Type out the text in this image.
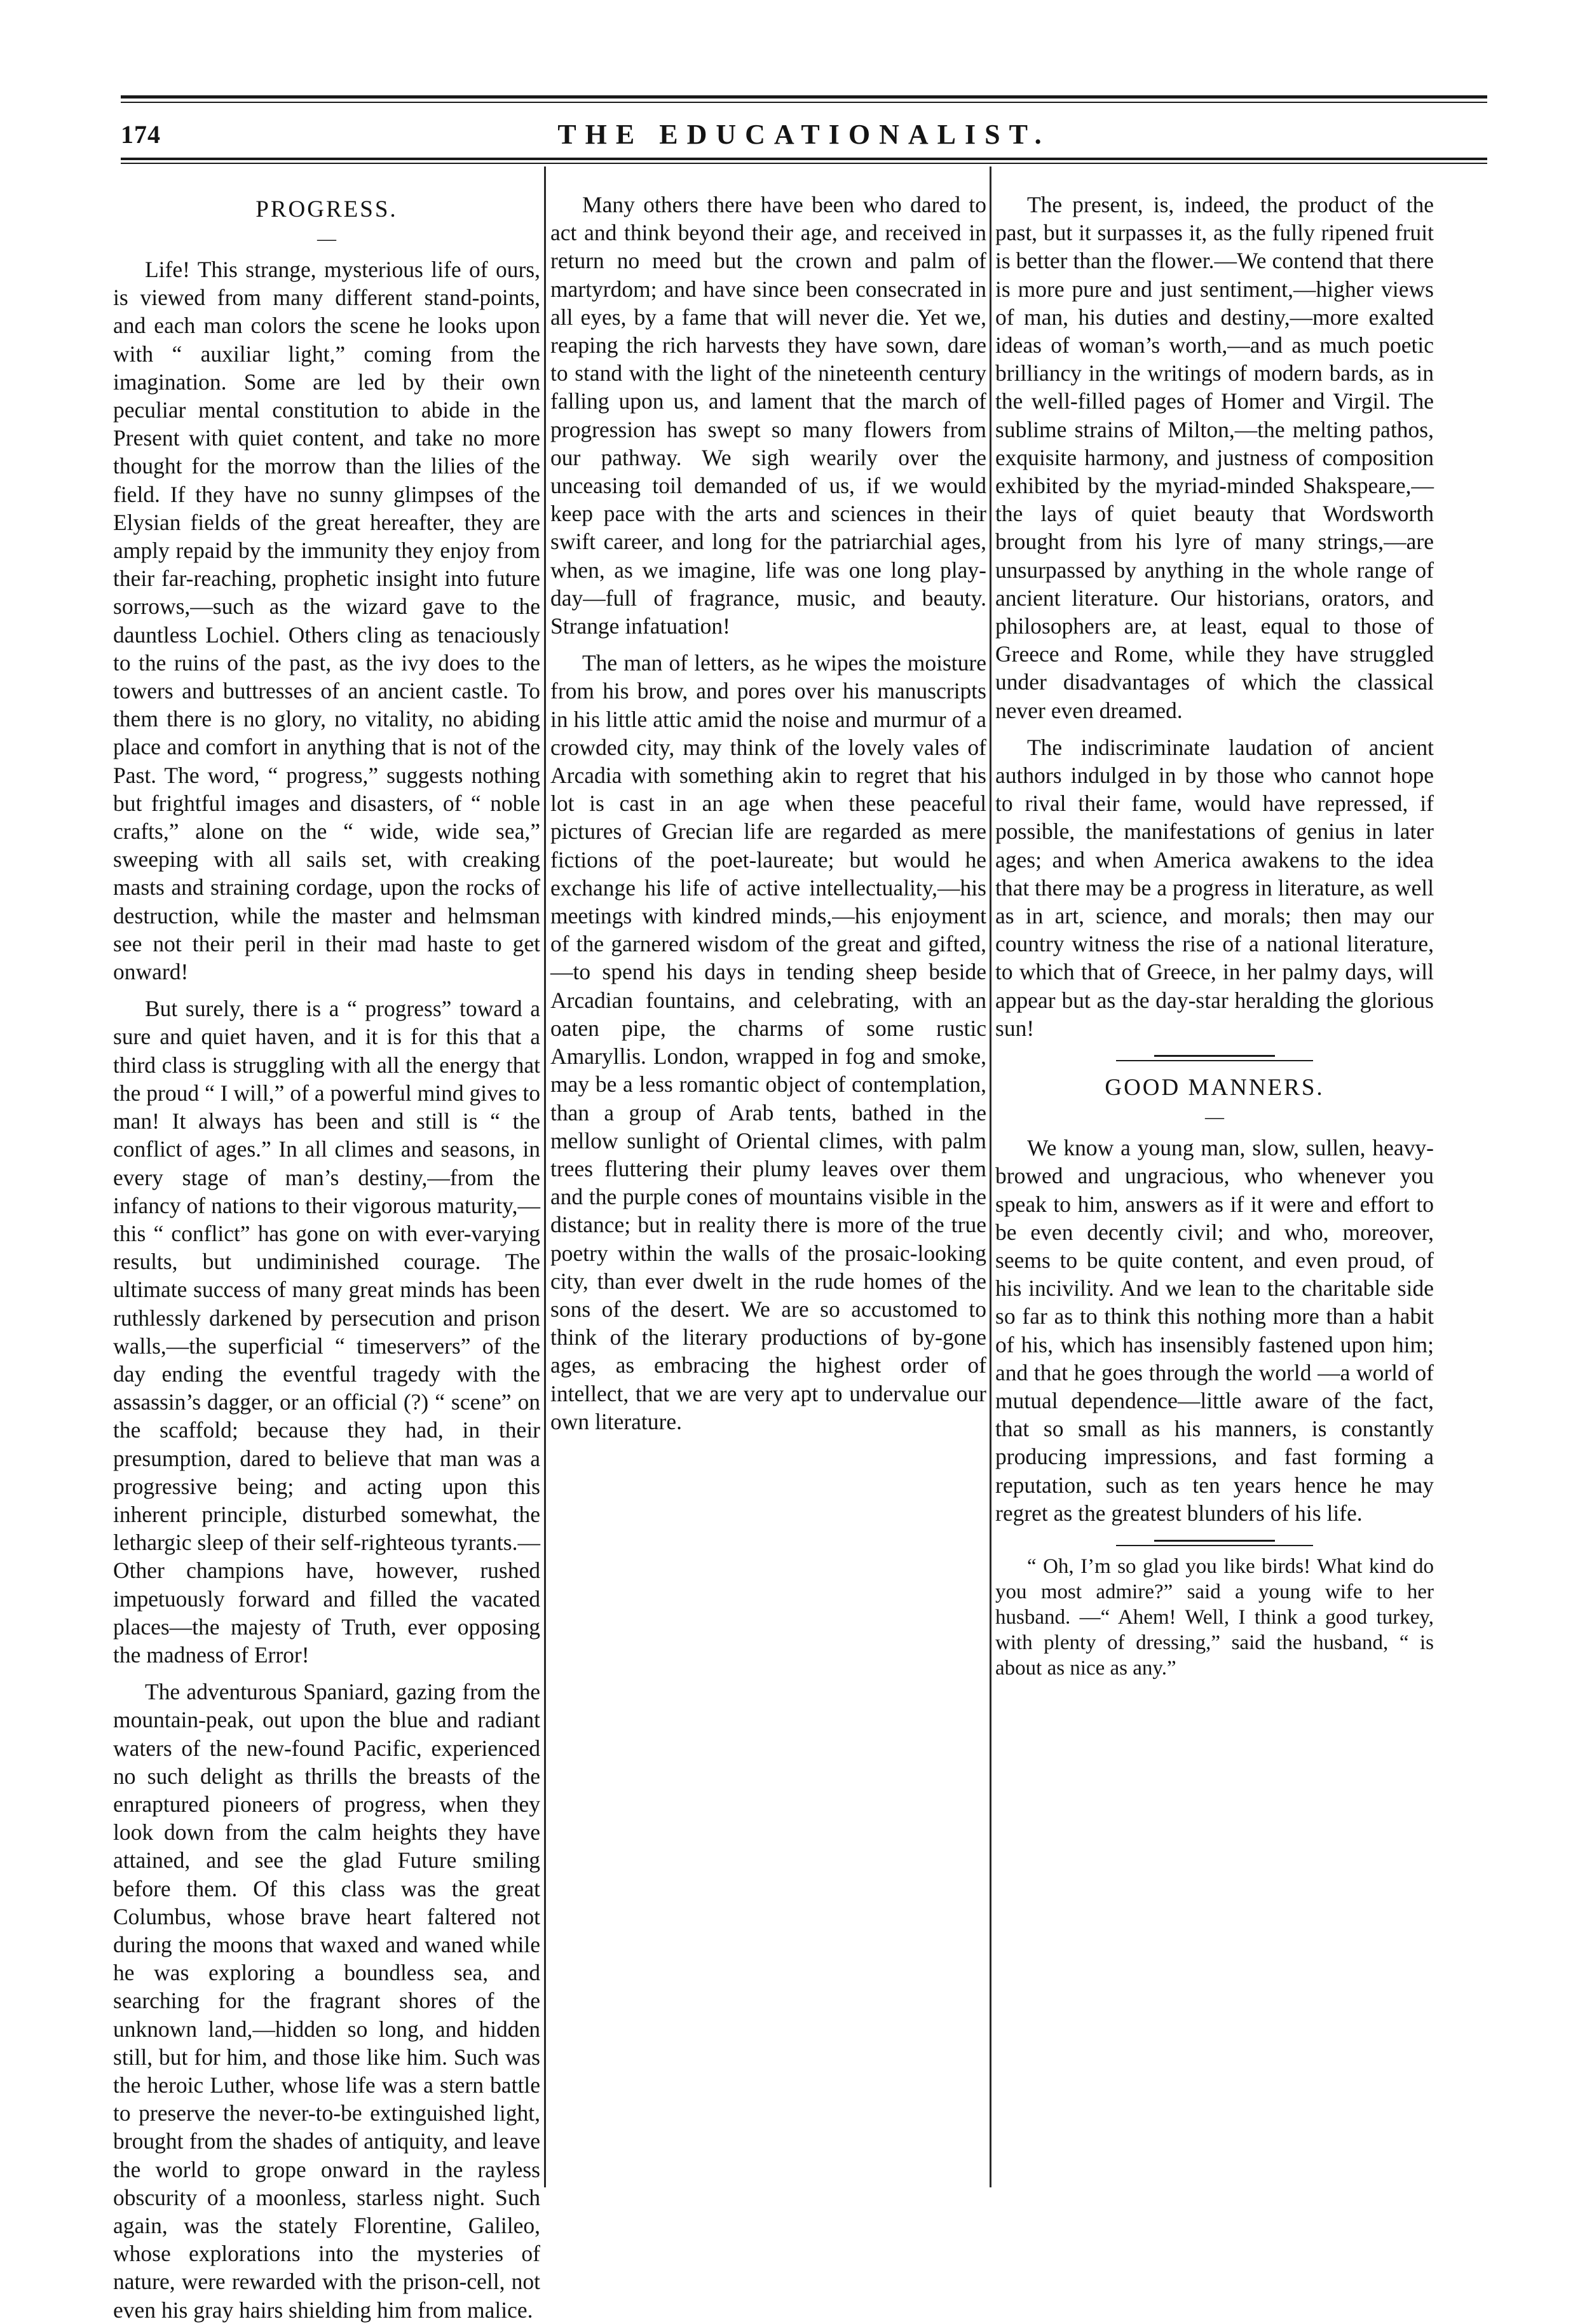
174	THE EDUCATIONALIST.
PROGRESS.
—

Life! This strange, mysterious life of ours, is viewed from many different stand-points, and each man colors the scene he looks upon with “ auxiliar light,” coming from the imagination. Some are led by their own peculiar mental constitution to abide in the Present with quiet content, and take no more thought for the morrow than the lilies of the field. If they have no sunny glimpses of the Elysian fields of the great hereafter, they are amply repaid by the immunity they enjoy from their far-reaching, prophetic insight into future sorrows,—such as the wizard gave to the dauntless Lochiel. Others cling as tenaciously to the ruins of the past, as the ivy does to the towers and buttresses of an ancient castle. To them there is no glory, no vitality, no abiding place and comfort in anything that is not of the Past. The word, “ progress,” suggests nothing but frightful images and disasters, of “ noble crafts,” alone on the “ wide, wide sea,” sweeping with all sails set, with creaking masts and straining cordage, upon the rocks of destruction, while the master and helmsman see not their peril in their mad haste to get onward!

But surely, there is a “ progress” toward a sure and quiet haven, and it is for this that a third class is struggling with all the energy that the proud “ I will,” of a powerful mind gives to man! It always has been and still is “ the conflict of ages.” In all climes and seasons, in every stage of man’s destiny,—from the infancy of nations to their vigorous maturity,—this “ conflict” has gone on with ever-varying results, but undiminished courage. The ultimate success of many great minds has been ruthlessly darkened by persecution and prison walls,—the superficial “ timeservers” of the day ending the eventful tragedy with the assassin’s dagger, or an official (?) “ scene” on the scaffold; because they had, in their presumption, dared to believe that man was a progressive being; and acting upon this inherent principle, disturbed somewhat, the lethargic sleep of their self-righteous tyrants.—Other champions have, however, rushed impetuously forward and filled the vacated places—the majesty of Truth, ever opposing the madness of Error!

The adventurous Spaniard, gazing from the mountain-peak, out upon the blue and radiant waters of the new-found Pacific, experienced no such delight as thrills the breasts of the enraptured pioneers of progress, when they look down from the calm heights they have attained, and see the glad Future smiling before them. Of this class was the great Columbus, whose brave heart faltered not during the moons that waxed and waned while he was exploring a boundless sea, and searching for the fragrant shores of the unknown land,—hidden so long, and hidden still, but for him, and those like him. Such was the heroic Luther, whose life was a stern battle to preserve the never-to-be extinguished light, brought from the shades of antiquity, and leave the world to grope onward in the rayless obscurity of a moonless, starless night. Such again, was the stately Florentine, Galileo, whose explorations into the mysteries of nature, were rewarded with the prison-cell, not even his gray hairs shielding him from malice.

Many others there have been who dared to act and think beyond their age, and received in return no meed but the crown and palm of martyrdom; and have since been consecrated in all eyes, by a fame that will never die. Yet we, reaping the rich harvests they have sown, dare to stand with the light of the nineteenth century falling upon us, and lament that the march of progression has swept so many flowers from our pathway. We sigh wearily over the unceasing toil demanded of us, if we would keep pace with the arts and sciences in their swift career, and long for the patriarchial ages, when, as we imagine, life was one long play-day—full of fragrance, music, and beauty. Strange infatuation!

The man of letters, as he wipes the moisture from his brow, and pores over his manuscripts in his little attic amid the noise and murmur of a crowded city, may think of the lovely vales of Arcadia with something akin to regret that his lot is cast in an age when these peaceful pictures of Grecian life are regarded as mere fictions of the poet-laureate; but would he exchange his life of active intellectuality,—his meetings with kindred minds,—his enjoyment of the garnered wisdom of the great and gifted,—to spend his days in tending sheep beside Arcadian fountains, and celebrating, with an oaten pipe, the charms of some rustic Amaryllis. London, wrapped in fog and smoke, may be a less romantic object of contemplation, than a group of Arab tents, bathed in the mellow sunlight of Oriental climes, with palm trees fluttering their plumy leaves over them and the purple cones of mountains visible in the distance; but in reality there is more of the true poetry within the walls of the prosaic-looking city, than ever dwelt in the rude homes of the sons of the desert. We are so accustomed to think of the literary productions of by-gone ages, as embracing the highest order of intellect, that we are very apt to undervalue our own literature.

The present, is, indeed, the product of the past, but it surpasses it, as the fully ripened fruit is better than the flower.—We contend that there is more pure and just sentiment,—higher views of man, his duties and destiny,—more exalted ideas of woman’s worth,—and as much poetic brilliancy in the writings of modern bards, as in the well-filled pages of Homer and Virgil. The sublime strains of Milton,—the melting pathos, exquisite harmony, and justness of composition exhibited by the myriad-minded Shakspeare,—the lays of quiet beauty that Wordsworth brought from his lyre of many strings,—are unsurpassed by anything in the whole range of ancient literature. Our historians, orators, and philosophers are, at least, equal to those of Greece and Rome, while they have struggled under disadvantages of which the classical never even dreamed.

The indiscriminate laudation of ancient authors indulged in by those who cannot hope to rival their fame, would have repressed, if possible, the manifestations of genius in later ages; and when America awakens to the idea that there may be a progress in literature, as well as in art, science, and morals; then may our country witness the rise of a national literature, to which that of Greece, in her palmy days, will appear but as the day-star heralding the glorious sun!

GOOD MANNERS.
—

We know a young man, slow, sullen, heavy-browed and ungracious, who whenever you speak to him, answers as if it were and effort to be even decently civil; and who, moreover, seems to be quite content, and even proud, of his incivility. And we lean to the charitable side so far as to think this nothing more than a habit of his, which has insensibly fastened upon him; and that he goes through the world —a world of mutual dependence—little aware of the fact, that so small as his manners, is constantly producing impressions, and fast forming a reputation, such as ten years hence he may regret as the greatest blunders of his life.

“ Oh, I’m so glad you like birds! What kind do you most admire?” said a young wife to her husband. —“ Ahem! Well, I think a good turkey, with plenty of dressing,” said the husband, “ is about as nice as any.”
